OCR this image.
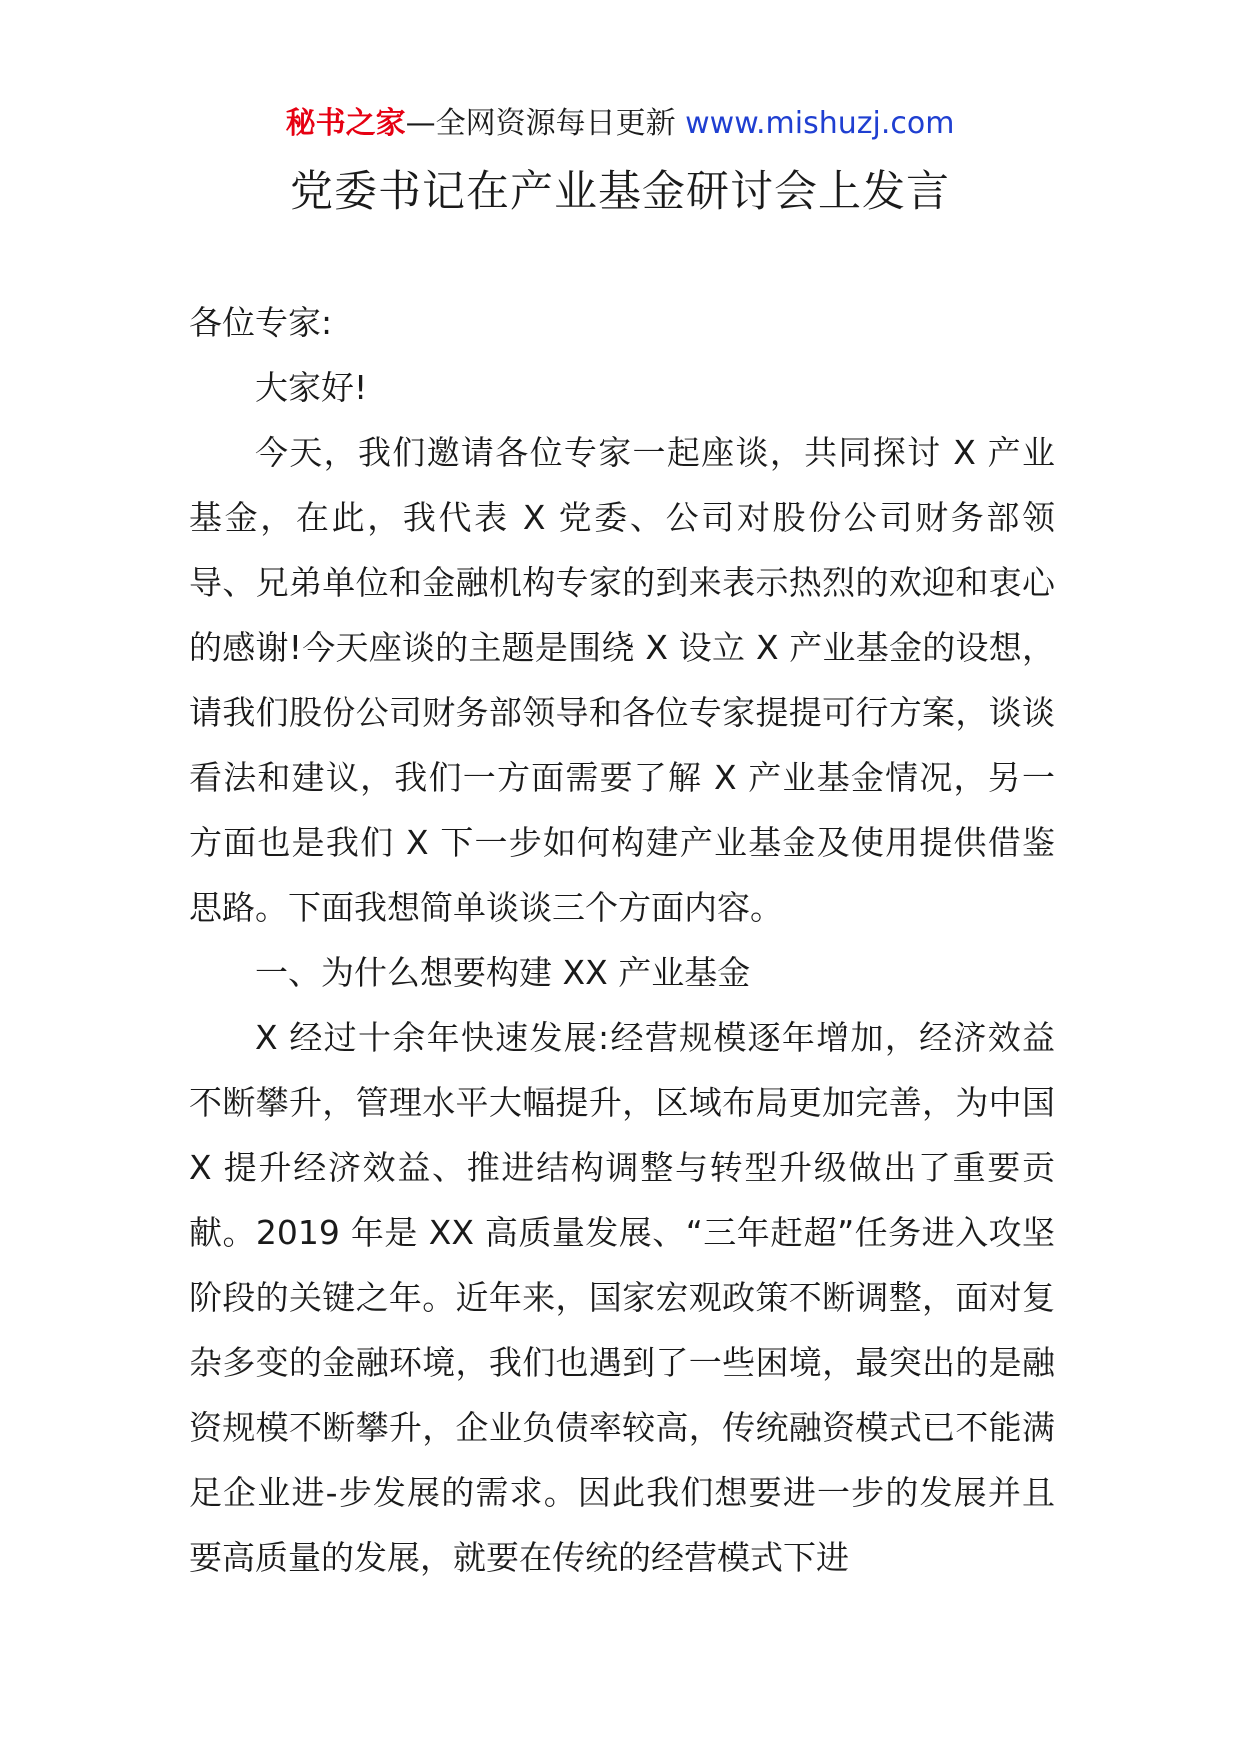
秘书之家—全网资源每日更新 www.mishuzj.com
党委书记在产业基金研讨会上发言

各位专家:

大家好!

今天，我们邀请各位专家一起座谈，共同探讨 X 产业基金，在此，我代表 X 党委、公司对股份公司财务部领导、兄弟单位和金融机构专家的到来表示热烈的欢迎和衷心的感谢!今天座谈的主题是围绕 X 设立 X 产业基金的设想，请我们股份公司财务部领导和各位专家提提可行方案，谈谈看法和建议，我们一方面需要了解 X 产业基金情况，另一方面也是我们 X 下一步如何构建产业基金及使用提供借鉴思路。下面我想简单谈谈三个方面内容。

一、为什么想要构建 XX 产业基金

X 经过十余年快速发展:经营规模逐年增加，经济效益不断攀升，管理水平大幅提升，区域布局更加完善，为中国 X 提升经济效益、推进结构调整与转型升级做出了重要贡献。2019 年是 XX 高质量发展、“三年赶超”任务进入攻坚阶段的关键之年。近年来，国家宏观政策不断调整，面对复杂多变的金融环境，我们也遇到了一些困境，最突出的是融资规模不断攀升，企业负债率较高，传统融资模式已不能满足企业进-步发展的需求。因此我们想要进一步的发展并且要高质量的发展，就要在传统的经营模式下进
